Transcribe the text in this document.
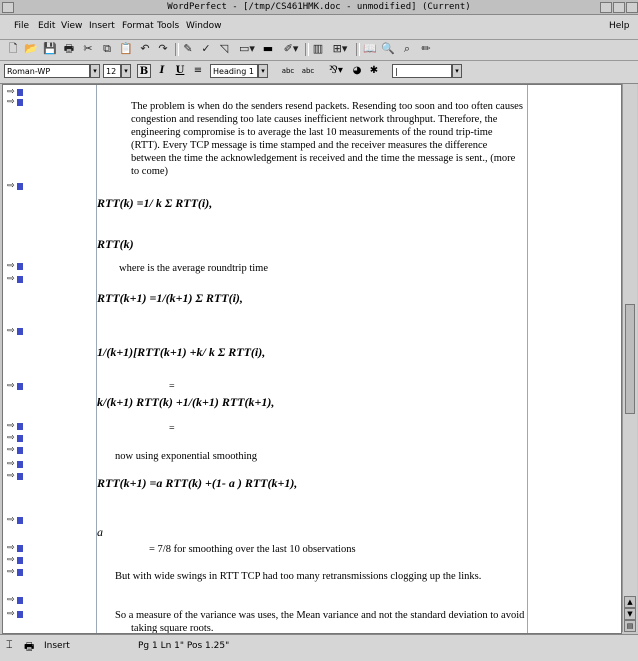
WordPerfect - [/tmp/CS461HMK.doc - unmodified] (Current)
File Edit View Insert Format Tools Window	Help
🗋 📂 💾 🖶 ✂ ⧉ 📋 ↶ ↷ ✎ ✓ ◹ ▭▾ ▬ ✐▾	▥ ⊞▾ 📖 🔍 ⌕	✏
Roman-WP	▾	12	▾	B	I	U ≡	Heading 1	▾	abc	abc	⅋▾ ◕ ✱	|	▾
⇨
⇨
⇨
⇨
⇨
⇨
⇨
⇨
⇨
⇨
⇨
⇨
⇨
⇨
⇨
⇨
⇨
⇨
The problem is when do the senders resend packets. Resending too soon and too often causes congestion and resending too late causes inefficient network throughput. Therefore, the engineering compromise is to average the last 10 measurements of the round trip-time (RTT). Every TCP message is time stamped and the receiver measures the difference between the time the acknowledgement is received and the time the message is sent., (more to come)
RTT(k) =1/ k Σ RTT(i),
RTT(k)
where is the average roundtrip time
RTT(k+1) =1/(k+1) Σ RTT(i),
1/(k+1)[RTT(k+1) +k/ k Σ RTT(i),
=
k/(k+1) RTT(k) +1/(k+1) RTT(k+1),
=
now using exponential smoothing
RTT(k+1) =a RTT(k) +(1- a ) RTT(k+1),
a
= 7/8 for smoothing over the last 10 observations
But with wide swings in RTT TCP had too many retransmissions clogging up the links.
So a measure of the variance was uses, the Mean variance and not the standard deviation to avoid taking square roots.
▲
▼
▤
⌶ 🖶 Insert	Pg 1 Ln 1" Pos 1.25"
